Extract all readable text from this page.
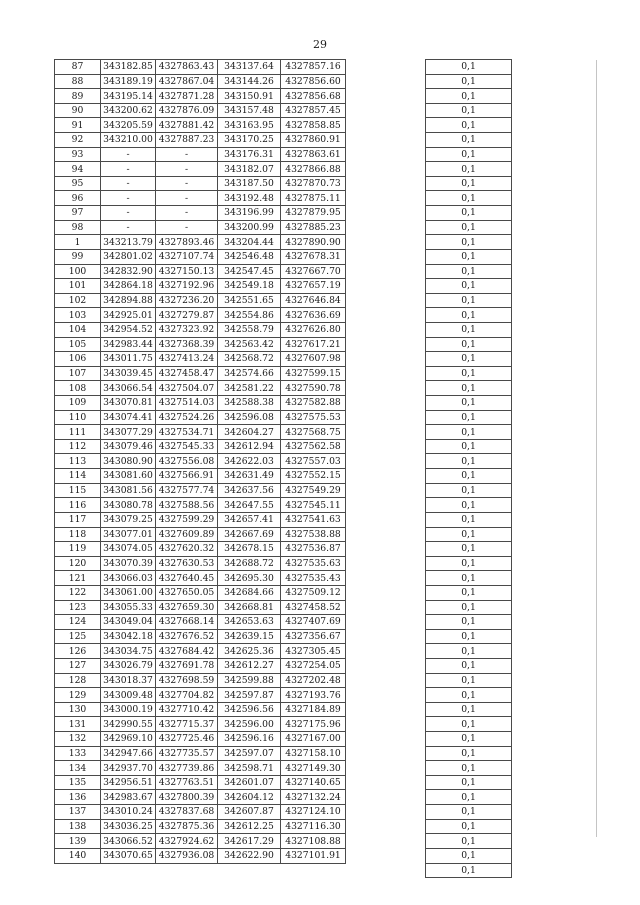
29
87	343182.85	4327863.43	343137.64	4327857.16
88	343189.19	4327867.04	343144.26	4327856.60
89	343195.14	4327871.28	343150.91	4327856.68
90	343200.62	4327876.09	343157.48	4327857.45
91	343205.59	4327881.42	343163.95	4327858.85
92	343210.00	4327887.23	343170.25	4327860.91
93	-	-	343176.31	4327863.61
94	-	-	343182.07	4327866.88
95	-	-	343187.50	4327870.73
96	-	-	343192.48	4327875.11
97	-	-	343196.99	4327879.95
98	-	-	343200.99	4327885.23
1	343213.79	4327893.46	343204.44	4327890.90
99	342801.02	4327107.74	342546.48	4327678.31
100	342832.90	4327150.13	342547.45	4327667.70
101	342864.18	4327192.96	342549.18	4327657.19
102	342894.88	4327236.20	342551.65	4327646.84
103	342925.01	4327279.87	342554.86	4327636.69
104	342954.52	4327323.92	342558.79	4327626.80
105	342983.44	4327368.39	342563.42	4327617.21
106	343011.75	4327413.24	342568.72	4327607.98
107	343039.45	4327458.47	342574.66	4327599.15
108	343066.54	4327504.07	342581.22	4327590.78
109	343070.81	4327514.03	342588.38	4327582.88
110	343074.41	4327524.26	342596.08	4327575.53
111	343077.29	4327534.71	342604.27	4327568.75
112	343079.46	4327545.33	342612.94	4327562.58
113	343080.90	4327556.08	342622.03	4327557.03
114	343081.60	4327566.91	342631.49	4327552.15
115	343081.56	4327577.74	342637.56	4327549.29
116	343080.78	4327588.56	342647.55	4327545.11
117	343079.25	4327599.29	342657.41	4327541.63
118	343077.01	4327609.89	342667.69	4327538.88
119	343074.05	4327620.32	342678.15	4327536.87
120	343070.39	4327630.53	342688.72	4327535.63
121	343066.03	4327640.45	342695.30	4327535.43
122	343061.00	4327650.05	342684.66	4327509.12
123	343055.33	4327659.30	342668.81	4327458.52
124	343049.04	4327668.14	342653.63	4327407.69
125	343042.18	4327676.52	342639.15	4327356.67
126	343034.75	4327684.42	342625.36	4327305.45
127	343026.79	4327691.78	342612.27	4327254.05
128	343018.37	4327698.59	342599.88	4327202.48
129	343009.48	4327704.82	342597.87	4327193.76
130	343000.19	4327710.42	342596.56	4327184.89
131	342990.55	4327715.37	342596.00	4327175.96
132	342969.10	4327725.46	342596.16	4327167.00
133	342947.66	4327735.57	342597.07	4327158.10
134	342937.70	4327739.86	342598.71	4327149.30
135	342956.51	4327763.51	342601.07	4327140.65
136	342983.67	4327800.39	342604.12	4327132.24
137	343010.24	4327837.68	342607.87	4327124.10
138	343036.25	4327875.36	342612.25	4327116.30
139	343066.52	4327924.62	342617.29	4327108.88
140	343070.65	4327936.08	342622.90	4327101.91
0,1
0,1
0,1
0,1
0,1
0,1
0,1
0,1
0,1
0,1
0,1
0,1
0,1
0,1
0,1
0,1
0,1
0,1
0,1
0,1
0,1
0,1
0,1
0,1
0,1
0,1
0,1
0,1
0,1
0,1
0,1
0,1
0,1
0,1
0,1
0,1
0,1
0,1
0,1
0,1
0,1
0,1
0,1
0,1
0,1
0,1
0,1
0,1
0,1
0,1
0,1
0,1
0,1
0,1
0,1
0,1
